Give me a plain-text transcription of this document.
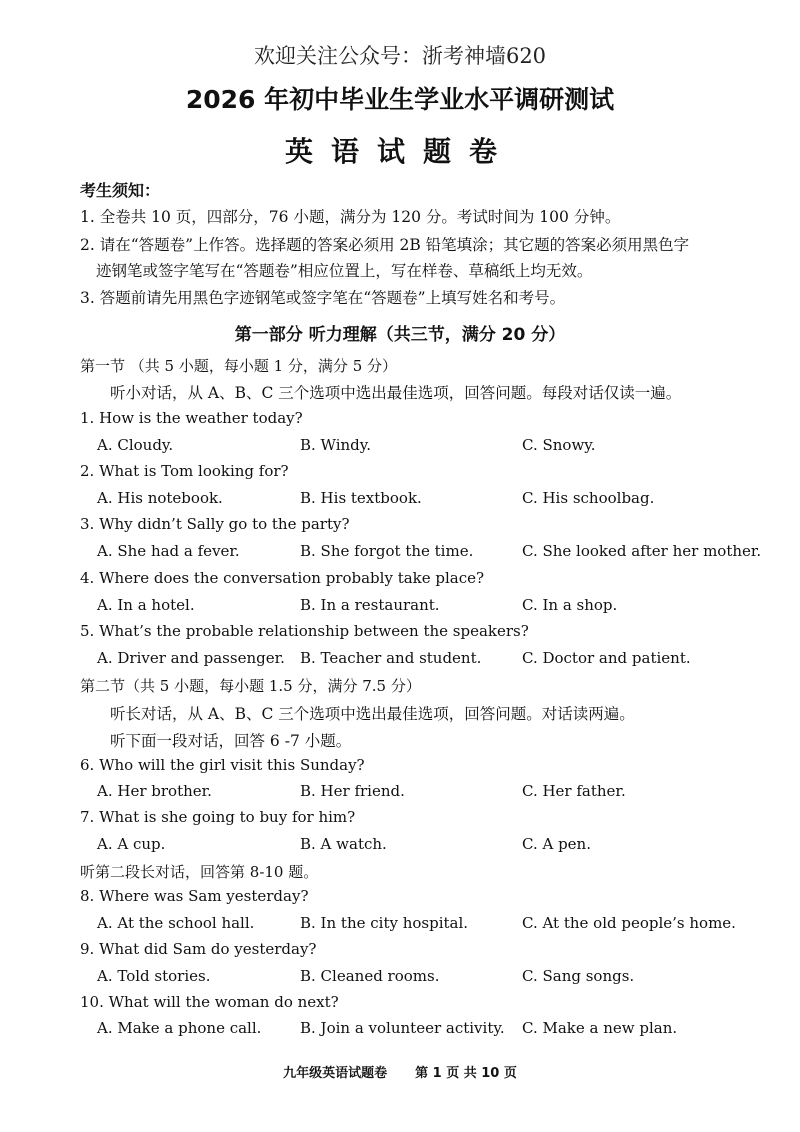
欢迎关注公众号：浙考神墙620
2026 年初中毕业生学业水平调研测试
英语试题卷
考生须知：
1. 全卷共 10 页，四部分，76 小题，满分为 120 分。考试时间为 100 分钟。
2. 请在“答题卷”上作答。选择题的答案必须用 2B 铅笔填涂；其它题的答案必须用黑色字
迹钢笔或签字笔写在“答题卷”相应位置上，写在样卷、草稿纸上均无效。
3. 答题前请先用黑色字迹钢笔或签字笔在“答题卷”上填写姓名和考号。
第一部分 听力理解（共三节，满分 20 分）
第一节 （共 5 小题，每小题 1 分，满分 5 分）
听小对话，从 A、B、C 三个选项中选出最佳选项，回答问题。每段对话仅读一遍。
1. How is the weather today?
A. Cloudy.	B. Windy.	C. Snowy.
2. What is Tom looking for?
A. His notebook.	B. His textbook.	C. His schoolbag.
3. Why didn’t Sally go to the party?
A. She had a fever.	B. She forgot the time.	C. She looked after her mother.
4. Where does the conversation probably take place?
A. In a hotel.	B. In a restaurant.	C. In a shop.
5. What’s the probable relationship between the speakers?
A. Driver and passenger. B. Teacher and student.	C. Doctor and patient.
第二节（共 5 小题，每小题 1.5 分，满分 7.5 分）
听长对话，从 A、B、C 三个选项中选出最佳选项，回答问题。对话读两遍。
听下面一段对话，回答 6 -7 小题。
6. Who will the girl visit this Sunday?
A. Her brother.	B. Her friend.	C. Her father.
7. What is she going to buy for him?
A. A cup.	B. A watch.	C. A pen.
听第二段长对话，回答第 8-10 题。
8. Where was Sam yesterday?
A. At the school hall.	B. In the city hospital.	C. At the old people’s home.
9. What did Sam do yesterday?
A. Told stories.	B. Cleaned rooms.	C. Sang songs.
10. What will the woman do next?
A. Make a phone call.	B. Join a volunteer activity. C. Make a new plan.
九年级英语试题卷 第 1 页 共 10 页
